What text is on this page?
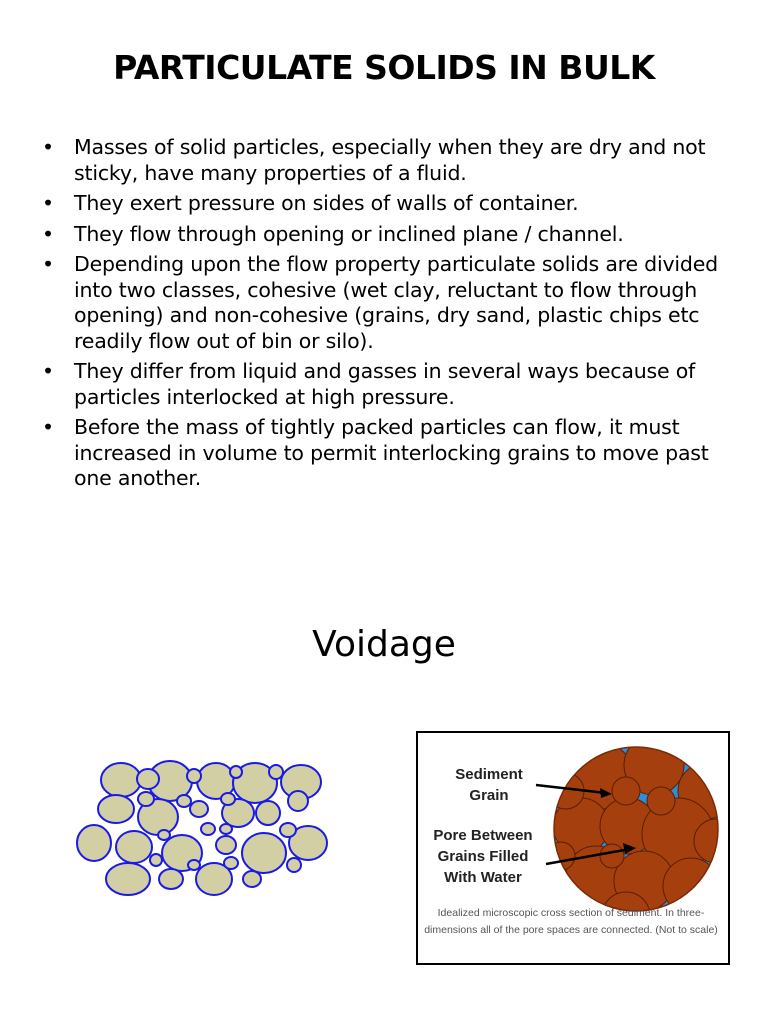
PARTICULATE SOLIDS IN BULK
• Masses of solid particles, especially when they are dry and not sticky, have many properties of a fluid.
• They exert pressure on sides of walls of container.
• They flow through opening or inclined plane / channel.
• Depending upon the flow property particulate solids are divided into two classes, cohesive (wet clay, reluctant to flow through opening) and non-cohesive (grains, dry sand, plastic chips etc readily flow out of bin or silo).
• They differ from liquid and gasses in several ways because of particles interlocked at high pressure.
• Before the mass of tightly packed particles can flow, it must increased in volume to permit interlocking grains to move past one another.
Voidage
Sediment
Grain
Pore Between
Grains Filled
With Water
Idealized microscopic cross section of sediment. In three-dimensions all of the pore spaces are connected. (Not to scale)
